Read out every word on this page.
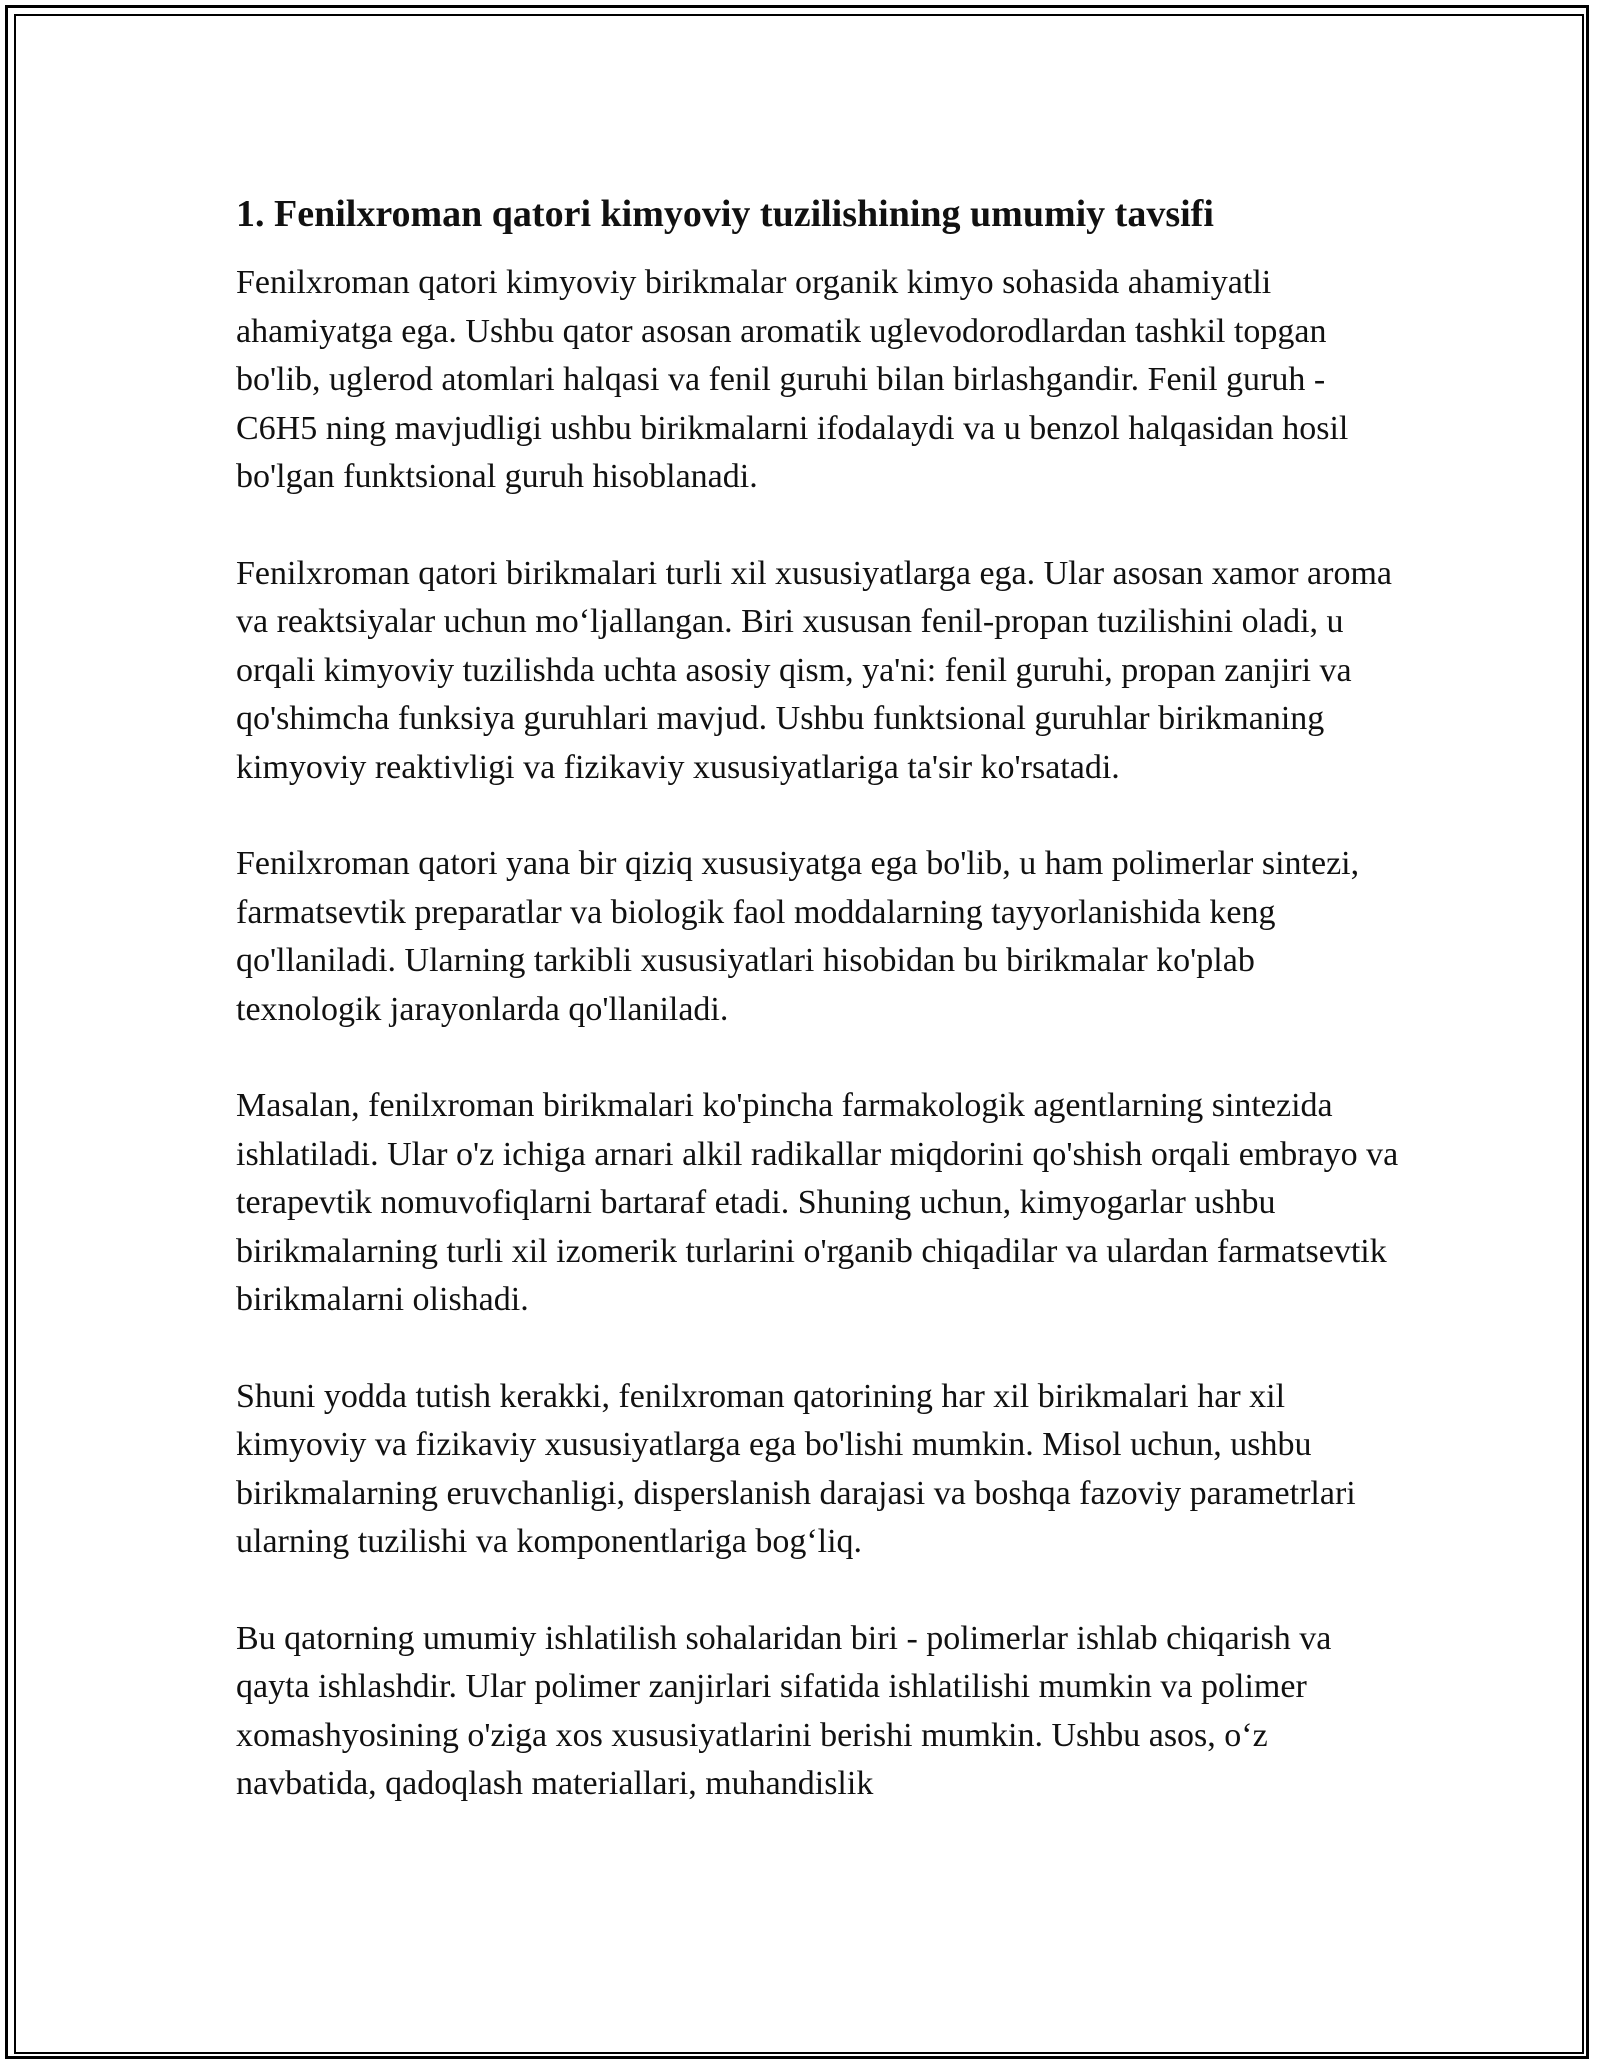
1. Fenilxroman qatori kimyoviy tuzilishining umumiy tavsifi

Fenilxroman qatori kimyoviy birikmalar organik kimyo sohasida ahamiyatli ahamiyatga ega. Ushbu qator asosan aromatik uglevodorodlardan tashkil topgan bo'lib, uglerod atomlari halqasi va fenil guruhi bilan birlashgandir. Fenil guruh -C6H5 ning mavjudligi ushbu birikmalarni ifodalaydi va u benzol halqasidan hosil bo'lgan funktsional guruh hisoblanadi.

Fenilxroman qatori birikmalari turli xil xususiyatlarga ega. Ular asosan xamor aroma va reaktsiyalar uchun mo‘ljallangan. Biri xususan fenil-propan tuzilishini oladi, u orqali kimyoviy tuzilishda uchta asosiy qism, ya'ni: fenil guruhi, propan zanjiri va qo'shimcha funksiya guruhlari mavjud. Ushbu funktsional guruhlar birikmaning kimyoviy reaktivligi va fizikaviy xususiyatlariga ta'sir ko'rsatadi.

Fenilxroman qatori yana bir qiziq xususiyatga ega bo'lib, u ham polimerlar sintezi, farmatsevtik preparatlar va biologik faol moddalarning tayyorlanishida keng qo'llaniladi. Ularning tarkibli xususiyatlari hisobidan bu birikmalar ko'plab texnologik jarayonlarda qo'llaniladi.

Masalan, fenilxroman birikmalari ko'pincha farmakologik agentlarning sintezida ishlatiladi. Ular o'z ichiga arnari alkil radikallar miqdorini qo'shish orqali embrayo va terapevtik nomuvofiqlarni bartaraf etadi. Shuning uchun, kimyogarlar ushbu birikmalarning turli xil izomerik turlarini o'rganib chiqadilar va ulardan farmatsevtik birikmalarni olishadi.

Shuni yodda tutish kerakki, fenilxroman qatorining har xil birikmalari har xil kimyoviy va fizikaviy xususiyatlarga ega bo'lishi mumkin. Misol uchun, ushbu birikmalarning eruvchanligi, disperslanish darajasi va boshqa fazoviy parametrlari ularning tuzilishi va komponentlariga bog‘liq.

Bu qatorning umumiy ishlatilish sohalaridan biri - polimerlar ishlab chiqarish va qayta ishlashdir. Ular polimer zanjirlari sifatida ishlatilishi mumkin va polimer xomashyosining o'ziga xos xususiyatlarini berishi mumkin. Ushbu asos, o‘z navbatida, qadoqlash materiallari, muhandislik
